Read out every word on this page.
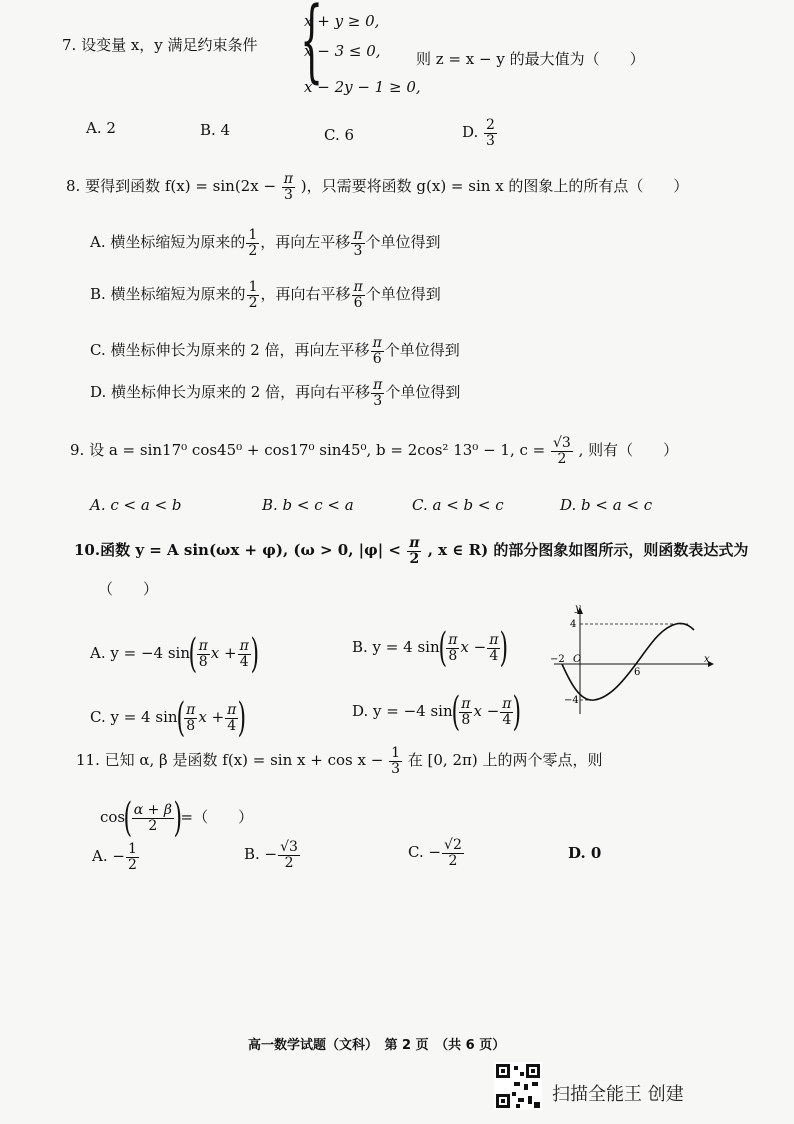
7. 设变量 x，y 满足约束条件 {
x + y ≥ 0,
x − 3 ≤ 0,
x − 2y − 1 ≥ 0,
则 z = x − y 的最大值为（　　）
A. 2	B. 4	C. 6	D. $\frac{2}{3}$
8. 要得到函数 $f(x) = \sin(2x - \frac{\pi}{3}$ )，只需要将函数 g(x) = sin x 的图象上的所有点（　　）
A. 横坐标缩短为原来的 $\frac{1}{2}$ ，再向左平移 $\frac{\pi}{3}$ 个单位得到
B. 横坐标缩短为原来的 $\frac{1}{2}$ ，再向右平移 $\frac{\pi}{6}$ 个单位得到
C. 横坐标伸长为原来的 2 倍，再向左平移 $\frac{\pi}{6}$ 个单位得到
D. 横坐标伸长为原来的 2 倍，再向右平移 $\frac{\pi}{3}$ 个单位得到
9. 设 a = sin17⁰ cos45⁰ + cos17⁰ sin45⁰, b = 2cos² 13⁰ − 1, $c = \frac{√3}{2}$ , 则有（　　）
A. c < a < b	B. b < c < a	C. a < b < c	D. b < a < c
10.函数 y = A sin(ωx + φ), (ω > 0, $|\varphi| < \frac{\pi}{2}$ , x ∈ R) 的部分图象如图所示，则函数表达式为
（　　）
A. y = −4 $\sin( \frac{\pi}{8}$ $x + \frac{\pi}{4}$ )	B. y = 4 $\sin( \frac{\pi}{8}$ $x - \frac{\pi}{4}$ )
C. y = 4 $\sin( \frac{\pi}{8}$ $x + \frac{\pi}{4}$ )	D. y = −4 $\sin( \frac{\pi}{8}$ $x - \frac{\pi}{4}$ )
y
x
4
−4
−2 O
6
11. 已知 α, β 是函数 $f(x) = \sin x + \cos x - \frac{1}{3}$ 在 [0, 2π) 上的两个零点，则
$\cos( \frac{\alpha + \beta}{2}$ )=（　　）
A. − $\frac{1}{2}$	B. − $\frac{√3}{2}$	C. − $\frac{√2}{2}$	D. 0
高一数学试题（文科）　第 2 页　（共 6 页）
扫描全能王 创建
